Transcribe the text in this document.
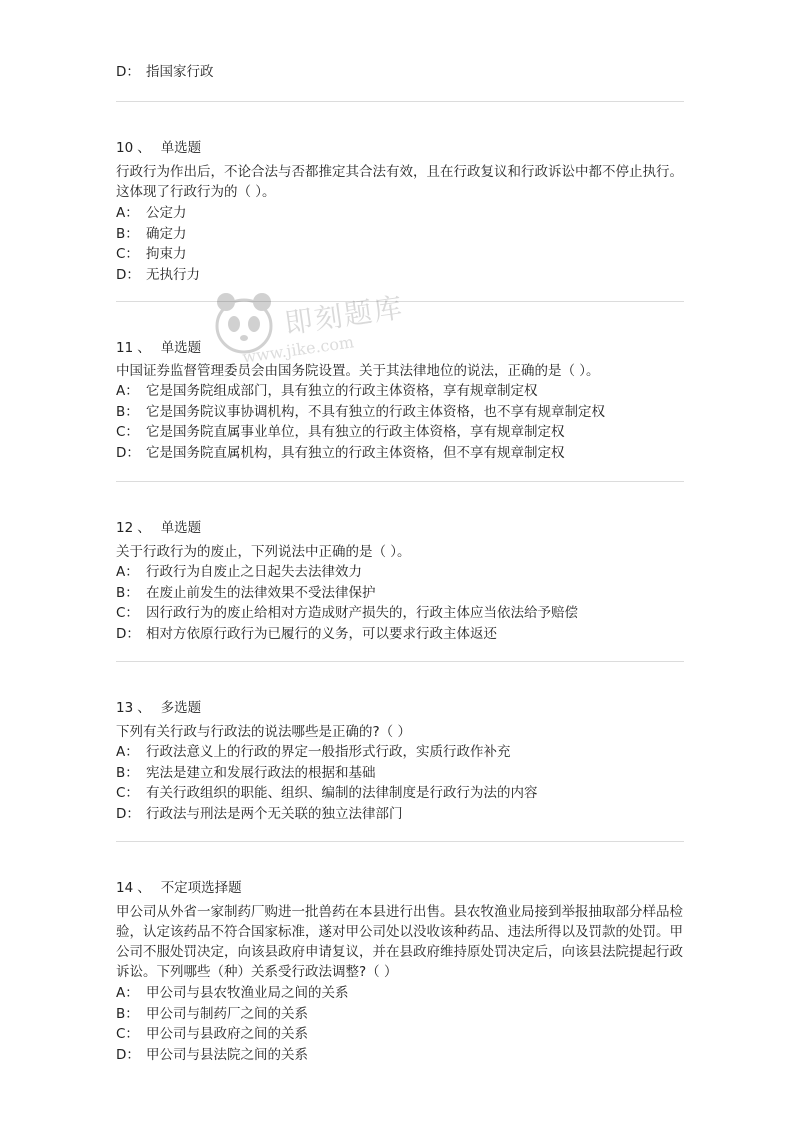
D： 指国家行政
10 、 单选题
行政行为作出后，不论合法与否都推定其合法有效，且在行政复议和行政诉讼中都不停止执行。这体现了行政行为的（ ）。
A： 公定力
B： 确定力
C： 拘束力
D： 无执行力
11 、 单选题
中国证券监督管理委员会由国务院设置。关于其法律地位的说法，正确的是（ ）。
A： 它是国务院组成部门，具有独立的行政主体资格，享有规章制定权
B： 它是国务院议事协调机构，不具有独立的行政主体资格，也不享有规章制定权
C： 它是国务院直属事业单位，具有独立的行政主体资格，享有规章制定权
D： 它是国务院直属机构，具有独立的行政主体资格，但不享有规章制定权
12 、 单选题
关于行政行为的废止，下列说法中正确的是（ ）。
A： 行政行为自废止之日起失去法律效力
B： 在废止前发生的法律效果不受法律保护
C： 因行政行为的废止给相对方造成财产损失的，行政主体应当依法给予赔偿
D： 相对方依原行政行为已履行的义务，可以要求行政主体返还
13 、 多选题
下列有关行政与行政法的说法哪些是正确的?（ ）
A： 行政法意义上的行政的界定一般指形式行政，实质行政作补充
B： 宪法是建立和发展行政法的根据和基础
C： 有关行政组织的职能、组织、编制的法律制度是行政行为法的内容
D： 行政法与刑法是两个无关联的独立法律部门
14 、 不定项选择题
甲公司从外省一家制药厂购进一批兽药在本县进行出售。县农牧渔业局接到举报抽取部分样品检验，认定该药品不符合国家标准，遂对甲公司处以没收该种药品、违法所得以及罚款的处罚。甲公司不服处罚决定，向该县政府申请复议，并在县政府维持原处罚决定后，向该县法院提起行政诉讼。下列哪些（种）关系受行政法调整?（ ）
A： 甲公司与县农牧渔业局之间的关系
B： 甲公司与制药厂之间的关系
C： 甲公司与县政府之间的关系
D： 甲公司与县法院之间的关系
即刻题库
www.jike.com
